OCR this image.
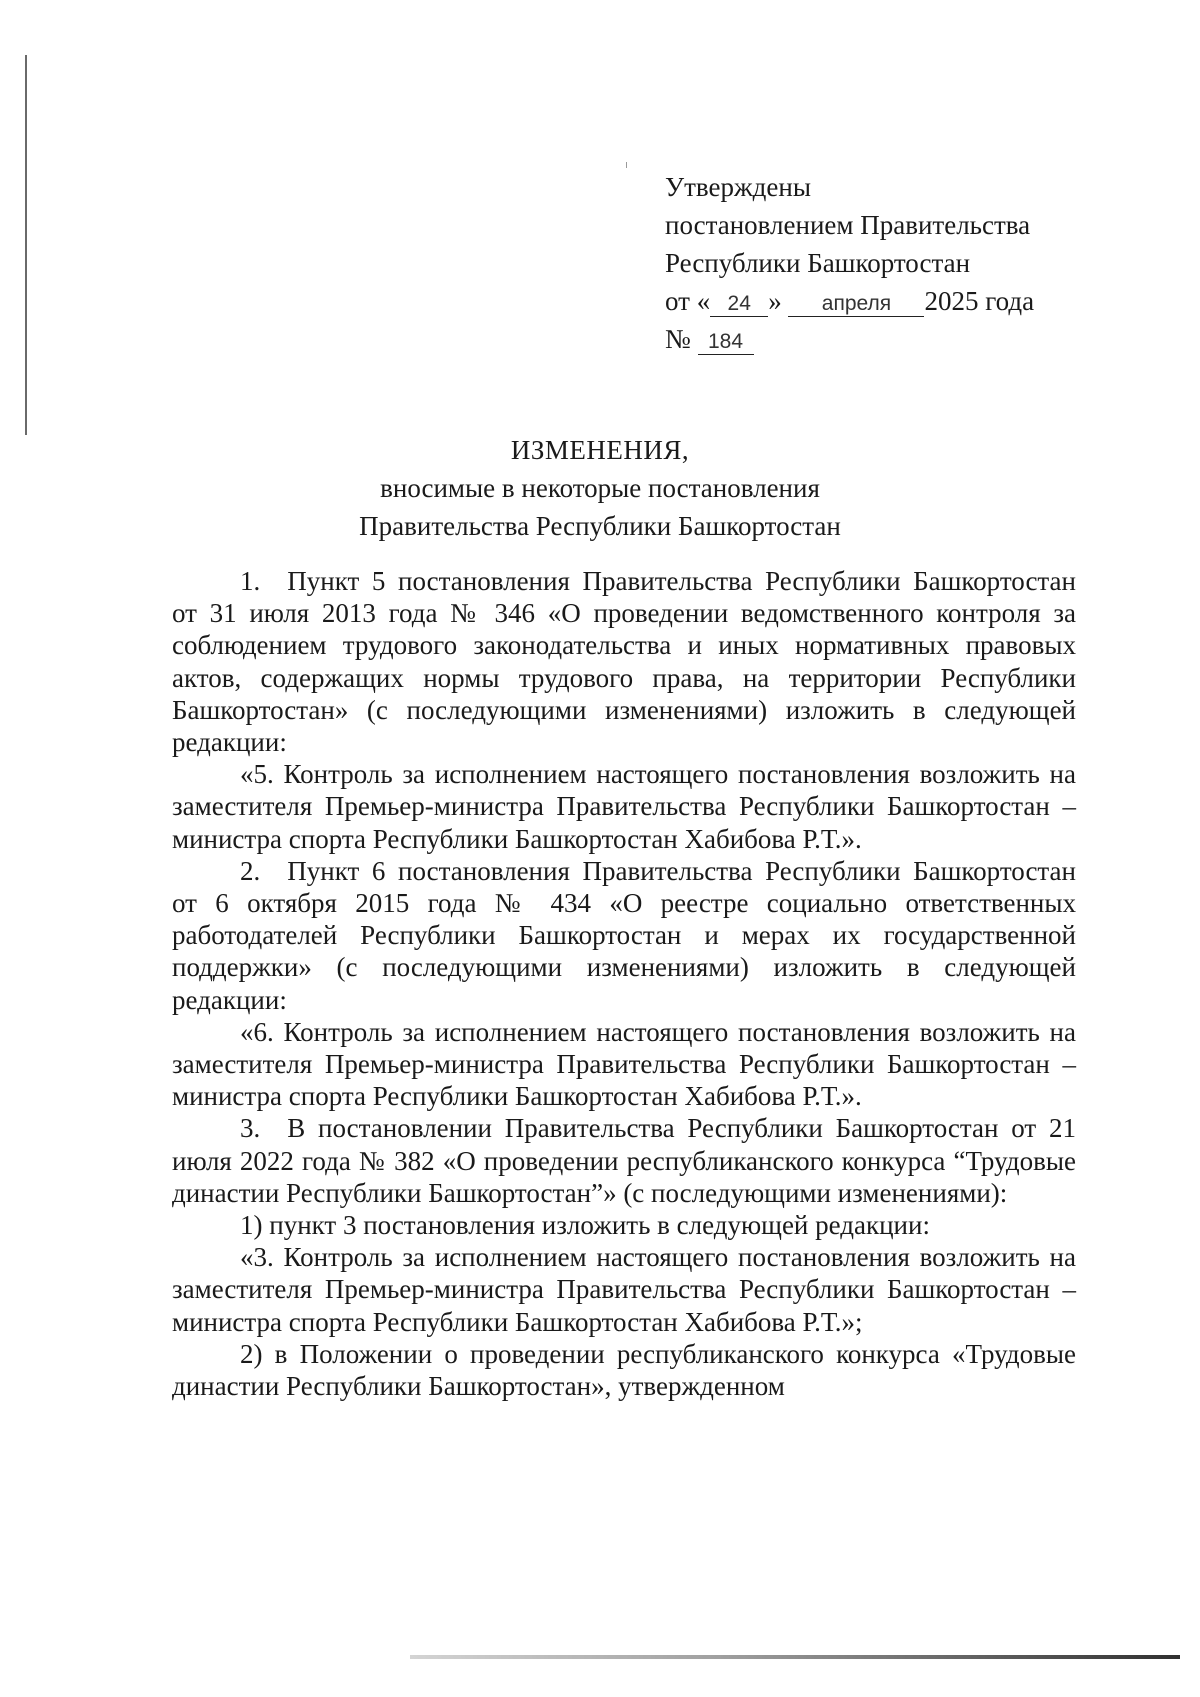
Утверждены
постановлением Правительства
Республики Башкортостан
от « 24 » апреля 2025 года
№ 184
ИЗМЕНЕНИЯ,
вносимые в некоторые постановления
Правительства Республики Башкортостан

1. Пункт 5 постановления Правительства Республики Башкортостан от 31 июля 2013 года № 346 «О проведении ведомственного контроля за соблюдением трудового законодательства и иных нормативных правовых актов, содержащих нормы трудового права, на территории Республики Башкортостан» (с последующими изменениями) изложить в следующей редакции:

«5. Контроль за исполнением настоящего постановления возложить на заместителя Премьер-министра Правительства Республики Башкортостан – министра спорта Республики Башкортостан Хабибова Р.Т.».

2. Пункт 6 постановления Правительства Республики Башкортостан от 6 октября 2015 года № 434 «О реестре социально ответственных работодателей Республики Башкортостан и мерах их государственной поддержки» (с последующими изменениями) изложить в следующей редакции:

«6. Контроль за исполнением настоящего постановления возложить на заместителя Премьер-министра Правительства Республики Башкортостан – министра спорта Республики Башкортостан Хабибова Р.Т.».

3. В постановлении Правительства Республики Башкортостан от 21 июля 2022 года № 382 «О проведении республиканского конкурса “Трудовые династии Республики Башкортостан”» (с последующими изменениями):

1) пункт 3 постановления изложить в следующей редакции:

«3. Контроль за исполнением настоящего постановления возложить на заместителя Премьер-министра Правительства Республики Башкортостан – министра спорта Республики Башкортостан Хабибова Р.Т.»;

2) в Положении о проведении республиканского конкурса «Трудовые династии Республики Башкортостан», утвержденном
